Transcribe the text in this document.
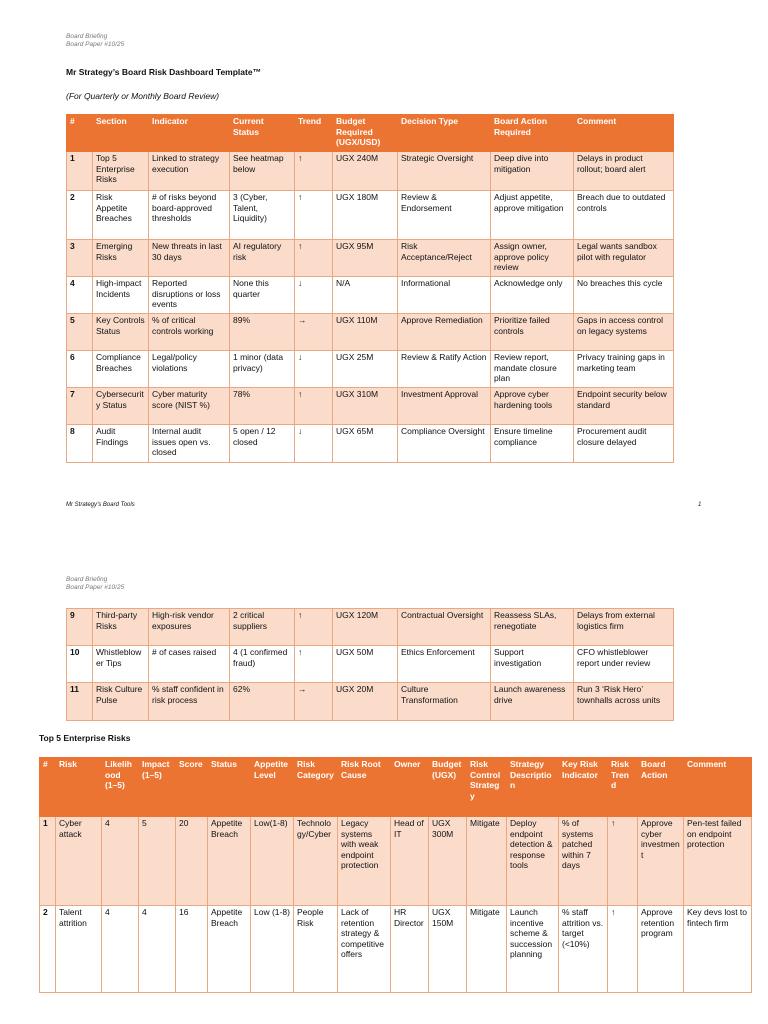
Board Briefing
Board Paper #10/25
Mr Strategy’s Board Risk Dashboard Template™
(For Quarterly or Monthly Board Review)
#	Section	Indicator	Current Status	Trend	Budget Required (UGX/USD)	Decision Type	Board Action Required	Comment
1	Top 5 Enterprise Risks	Linked to strategy execution	See heatmap below	↑	UGX 240M	Strategic Oversight	Deep dive into mitigation	Delays in product rollout; board alert
2	Risk Appetite Breaches	# of risks beyond board-approved thresholds	3 (Cyber, Talent, Liquidity)	↑	UGX 180M	Review & Endorsement	Adjust appetite, approve mitigation	Breach due to outdated controls
3	Emerging Risks	New threats in last 30 days	AI regulatory risk	↑	UGX 95M	Risk Acceptance/Reject	Assign owner, approve policy review	Legal wants sandbox pilot with regulator
4	High-impact Incidents	Reported disruptions or loss events	None this quarter	↓	N/A	Informational	Acknowledge only	No breaches this cycle
5	Key Controls Status	% of critical controls working	89%	→	UGX 110M	Approve Remediation	Prioritize failed controls	Gaps in access control on legacy systems
6	Compliance Breaches	Legal/policy violations	1 minor (data privacy)	↓	UGX 25M	Review & Ratify Action	Review report, mandate closure plan	Privacy training gaps in marketing team
7	Cybersecurity Status	Cyber maturity score (NIST %)	78%	↑	UGX 310M	Investment Approval	Approve cyber hardening tools	Endpoint security below standard
8	Audit Findings	Internal audit issues open vs. closed	5 open / 12 closed	↓	UGX 65M	Compliance Oversight	Ensure timeline compliance	Procurement audit closure delayed
Mr Strategy’s Board Tools	1
Board Briefing
Board Paper #10/25
9	Third-party Risks	High-risk vendor exposures	2 critical suppliers	↑	UGX 120M	Contractual Oversight	Reassess SLAs, renegotiate	Delays from external logistics firm
10	Whistleblower Tips	# of cases raised	4 (1 confirmed fraud)	↑	UGX 50M	Ethics Enforcement	Support investigation	CFO whistleblower report under review
11	Risk Culture Pulse	% staff confident in risk process	62%	→	UGX 20M	Culture Transformation	Launch awareness drive	Run 3 ‘Risk Hero’ townhalls across units
Top 5 Enterprise Risks
#	Risk	Likelihood (1–5)	Impact (1–5)	Score	Status	Appetite Level	Risk Category	Risk Root Cause	Owner	Budget (UGX)	Risk Control Strategy	Strategy Description	Key Risk Indicator	Risk Trend	Board Action	Comment
1	Cyber attack	4	5	20	Appetite Breach	Low(1-8)	Technology/Cyber	Legacy systems with weak endpoint protection	Head of IT	UGX 300M	Mitigate	Deploy endpoint detection & response tools	% of systems patched within 7 days	↑	Approve cyber investment	Pen-test failed on endpoint protection
2	Talent attrition	4	4	16	Appetite Breach	Low (1-8)	People Risk	Lack of retention strategy & competitive offers	HR Director	UGX 150M	Mitigate	Launch incentive scheme & succession planning	% staff attrition vs. target (<10%)	↑	Approve retention program	Key devs lost to fintech firm
